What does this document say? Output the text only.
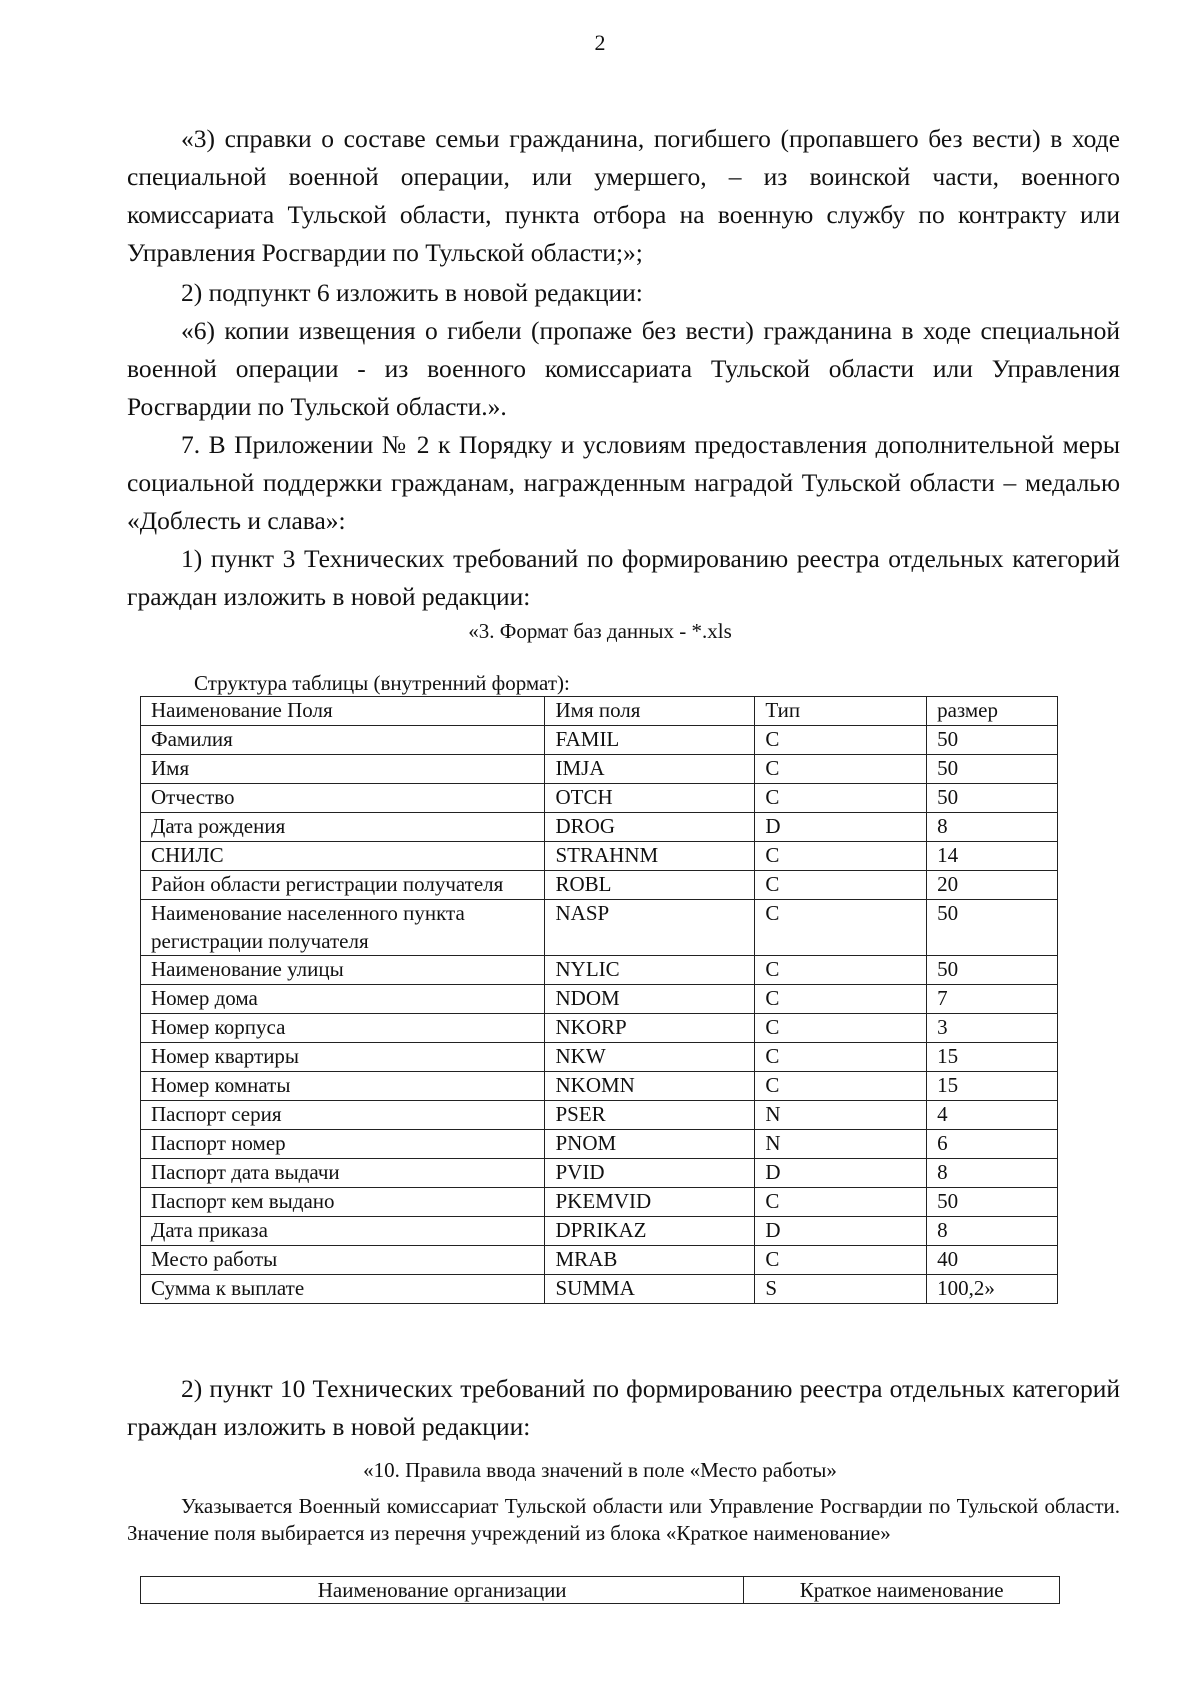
2
«3) справки о составе семьи гражданина, погибшего (пропавшего без вести) в ходе специальной военной операции, или умершего, – из воинской части, военного комиссариата Тульской области, пункта отбора на военную службу по контракту или Управления Росгвардии по Тульской области;»;
2) подпункт 6 изложить в новой редакции:
«6) копии извещения о гибели (пропаже без вести) гражданина в ходе специальной военной операции - из военного комиссариата Тульской области или Управления Росгвардии по Тульской области.».
7. В Приложении № 2 к Порядку и условиям предоставления дополнительной меры социальной поддержки гражданам, награжденным наградой Тульской области – медалью «Доблесть и слава»:
1) пункт 3 Технических требований по формированию реестра отдельных категорий граждан изложить в новой редакции:
«3. Формат баз данных - *.xls
Структура таблицы (внутренний формат):
Наименование Поля	Имя поля	Тип	размер
Фамилия	FAMIL	C	50
Имя	IMJA	C	50
Отчество	OTCH	C	50
Дата рождения	DROG	D	8
СНИЛС	STRAHNM	C	14
Район области регистрации получателя	ROBL	C	20
Наименование населенного пункта регистрации получателя	NASP	C	50
Наименование улицы	NYLIC	C	50
Номер дома	NDOM	C	7
Номер корпуса	NKORP	C	3
Номер квартиры	NKW	C	15
Номер комнаты	NKOMN	C	15
Паспорт серия	PSER	N	4
Паспорт номер	PNOM	N	6
Паспорт дата выдачи	PVID	D	8
Паспорт кем выдано	PKEMVID	C	50
Дата приказа	DPRIKAZ	D	8
Место работы	MRAB	C	40
Сумма к выплате	SUMMA	S	100,2»
2) пункт 10 Технических требований по формированию реестра отдельных категорий граждан изложить в новой редакции:
«10. Правила ввода значений в поле «Место работы»
Указывается Военный комиссариат Тульской области или Управление Росгвардии по Тульской области. Значение поля выбирается из перечня учреждений из блока «Краткое наименование»
Наименование организации	Краткое наименование
